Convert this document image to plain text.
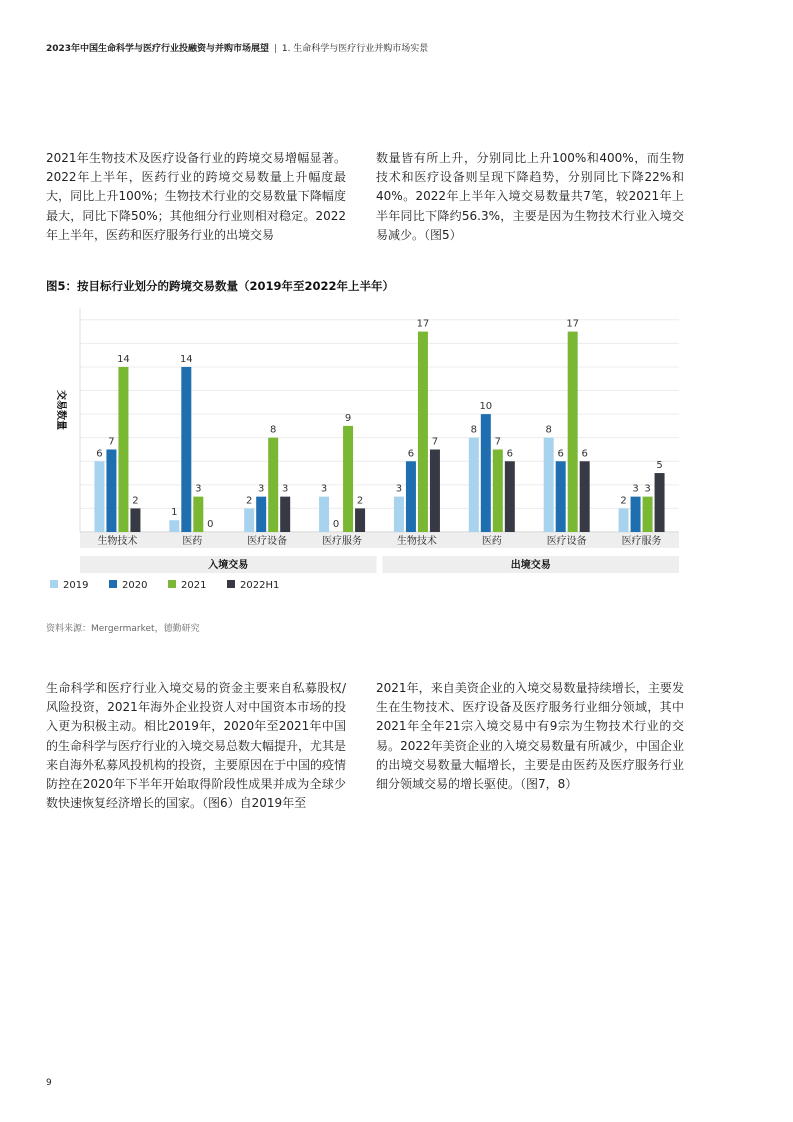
2023年中国生命科学与医疗行业投融资与并购市场展望 | 1. 生命科学与医疗行业并购市场实景
2021年生物技术及医疗设备行业的跨境交易增幅显著。2022年上半年，医药行业的跨境交易数量上升幅度最大，同比上升100%；生物技术行业的交易数量下降幅度最大，同比下降50%；其他细分行业则相对稳定。2022年上半年，医药和医疗服务行业的出境交易
数量皆有所上升，分别同比上升100%和400%，而生物技术和医疗设备则呈现下降趋势，分别同比下降22%和40%。2022年上半年入境交易数量共7笔，较2021年上半年同比下降约56.3%，主要是因为生物技术行业入境交易减少。（图5）
图5：按目标行业划分的跨境交易数量（2019年至2022年上半年）
交易数量
6
1
2
3	3
8	8
2
7
14
3
0
6
10
6
3
14
3
8
9
17
7
17
3
2
0
3
2
7
6	6
5
生物技术	医药	医疗设备	医疗服务	生物技术	医药	医疗设备	医疗服务
入境交易	出境交易
2019	2020	2021	2022H1
生命科学和医疗行业入境交易的资金主要来自私募股权/风险投资，2021年海外企业投资人对中国资本市场的投入更为积极主动。相比2019年，2020年至2021年中国的生命科学与医疗行业的入境交易总数大幅提升，尤其是来自海外私募风投机构的投资，主要原因在于中国的疫情防控在2020年下半年开始取得阶段性成果并成为全球少数快速恢复经济增长的国家。（图6）自2019年至
2021年，来自美资企业的入境交易数量持续增长，主要发生在生物技术、医疗设备及医疗服务行业细分领域，其中2021年全年21宗入境交易中有9宗为生物技术行业的交易。2022年美资企业的入境交易数量有所减少，中国企业的出境交易数量大幅增长，主要是由医药及医疗服务行业细分领域交易的增长驱使。（图7，8）
资料来源：Mergermarket，德勤研究
9
